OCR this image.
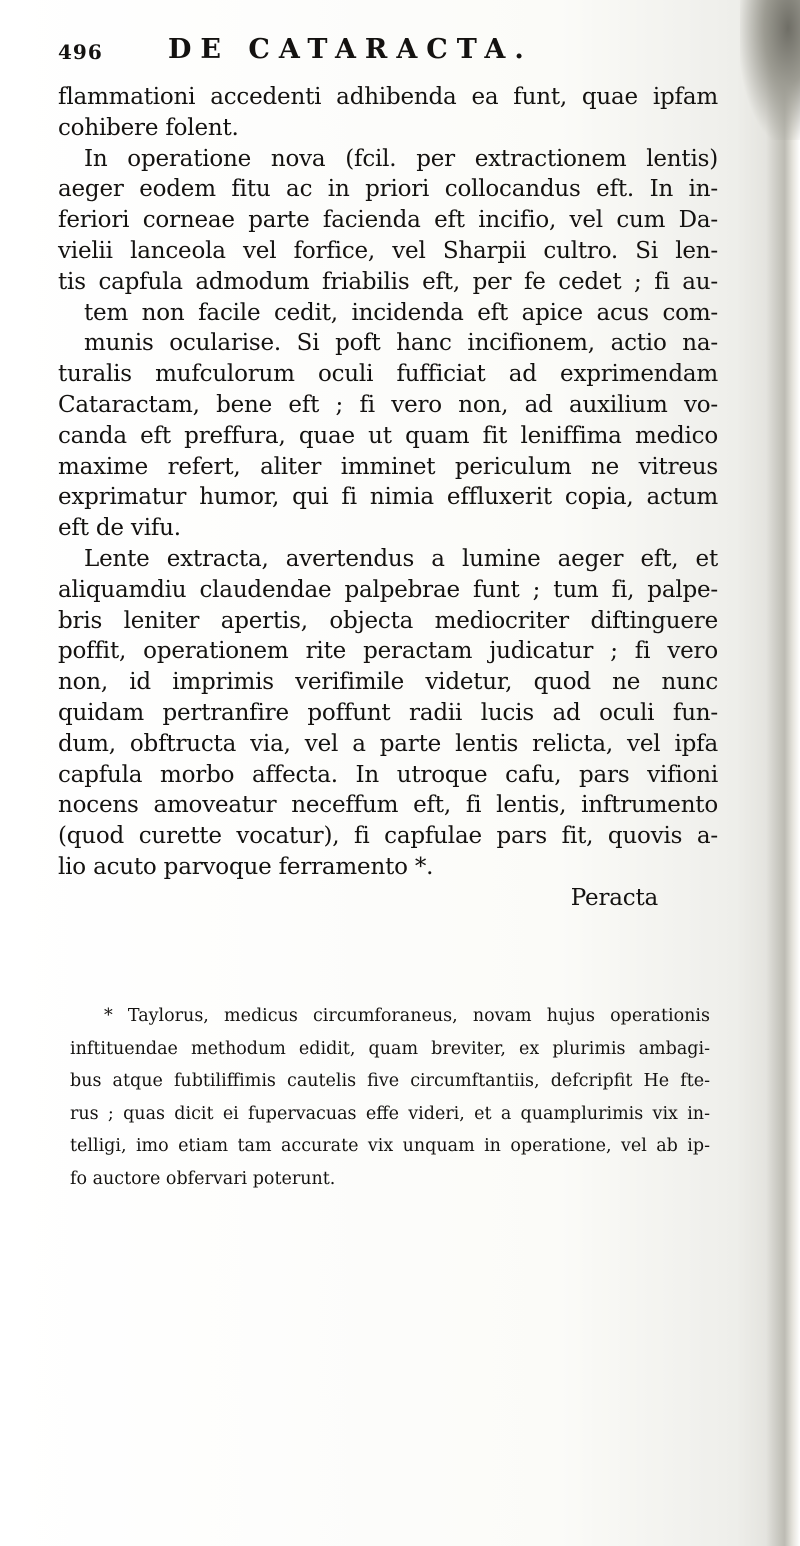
496 DE CATARACTA.
flammationi accedenti adhibenda ea funt, quae ipfam
cohibere folent.
In operatione nova (fcil. per extractionem lentis)
aeger eodem fitu ac in priori collocandus eft. In in-
feriori corneae parte facienda eft incifio, vel cum Da-
vielii lanceola vel forfice, vel Sharpii cultro. Si len-
tis capfula admodum friabilis eft, per fe cedet ; fi au-
tem non facile cedit, incidenda eft apice acus com-
munis ocularise. Si poft hanc incifionem, actio na-
turalis mufculorum oculi fufficiat ad exprimendam
Cataractam, bene eft ; fi vero non, ad auxilium vo-
canda eft preffura, quae ut quam fit leniffima medico
maxime refert, aliter imminet periculum ne vitreus
exprimatur humor, qui fi nimia effluxerit copia, actum
eft de vifu.
Lente extracta, avertendus a lumine aeger eft, et
aliquamdiu claudendae palpebrae funt ; tum fi, palpe-
bris leniter apertis, objecta mediocriter diftinguere
poffit, operationem rite peractam judicatur ; fi vero
non, id imprimis verifimile videtur, quod ne nunc
quidam pertranfire poffunt radii lucis ad oculi fun-
dum, obftructa via, vel a parte lentis relicta, vel ipfa
capfula morbo affecta. In utroque cafu, pars vifioni
nocens amoveatur neceffum eft, fi lentis, inftrumento
(quod curette vocatur), fi capfulae pars fit, quovis a-
lio acuto parvoque ferramento *.
Peracta
* Taylorus, medicus circumforaneus, novam hujus operationis
inftituendae methodum edidit, quam breviter, ex plurimis ambagi-
bus atque fubtiliffimis cautelis five circumftantiis, defcripfit He fte-
rus ; quas dicit ei fupervacuas effe videri, et a quamplurimis vix in-
telligi, imo etiam tam accurate vix unquam in operatione, vel ab ip-
fo auctore obfervari poterunt.
